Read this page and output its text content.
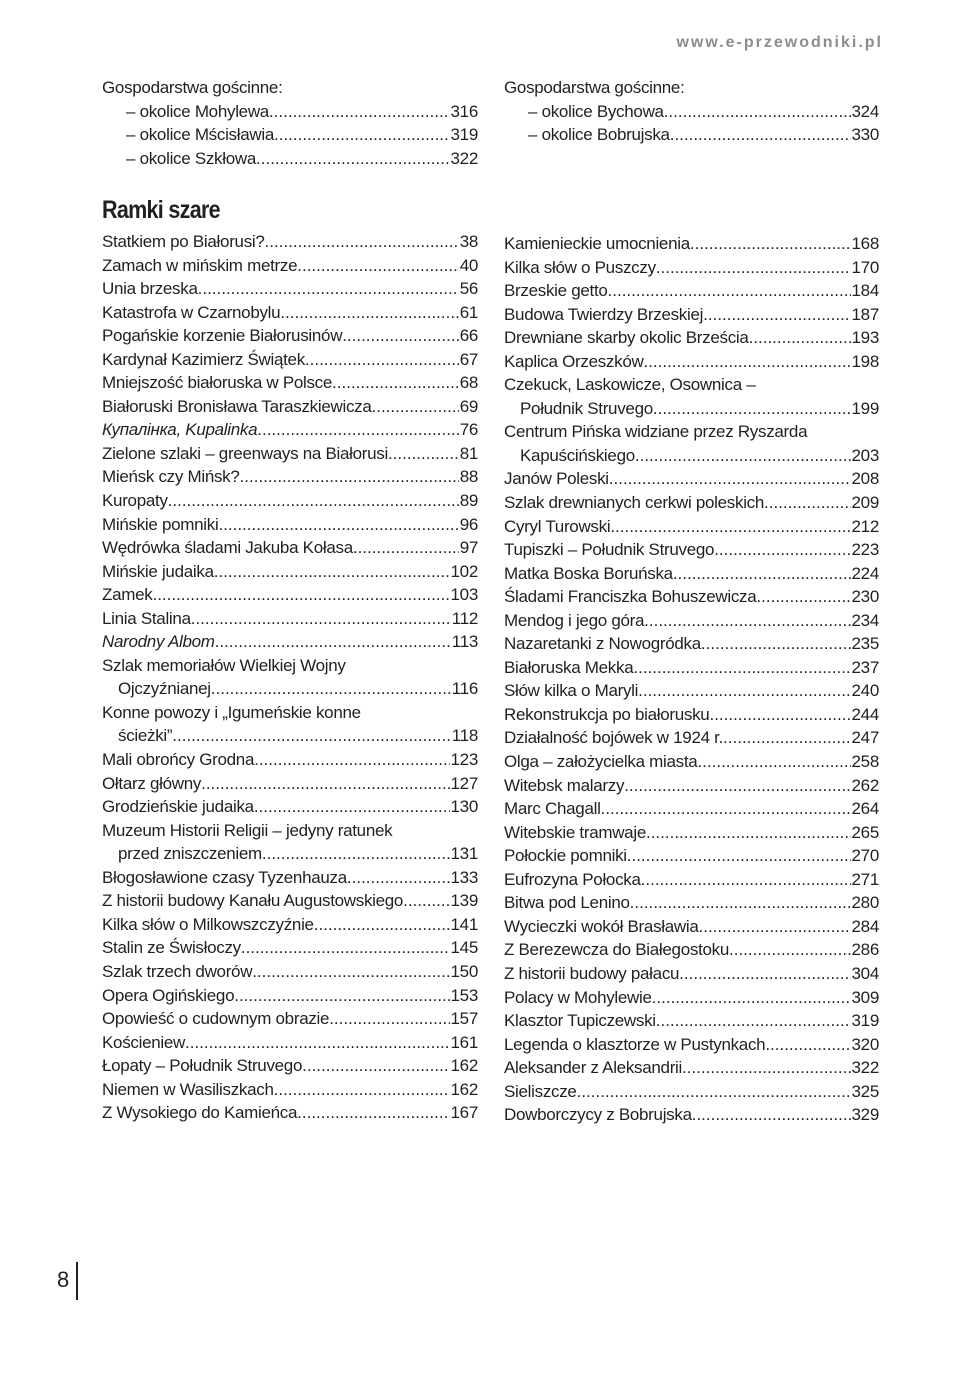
www.e-przewodniki.pl
Gospodarstwa gościnne:
– okolice Mohylewa .....	316
– okolice Mścisławia .....	319
– okolice Szkłowa .....	322
Gospodarstwa gościnne:
– okolice Bychowa .....	324
– okolice Bobrujska .....	330
Ramki szare
Statkiem po Białorusi? .....	38
Zamach w mińskim metrze .....	40
Unia brzeska .....	56
Katastrofa w Czarnobylu .....	61
Pogańskie korzenie Białorusinów .....	66
Kardynał Kazimierz Świątek .....	67
Mniejszość białoruska w Polsce .....	68
Białoruski Bronisława Taraszkiewicza .....	69
Купалiнка, Kupalinka .....	76
Zielone szlaki – greenways na Białorusi .....	81
Mieńsk czy Mińsk? .....	88
Kuropaty .....	89
Mińskie pomniki .....	96
Wędrówka śladami Jakuba Kołasa .....	97
Mińskie judaika .....	102
Zamek .....	103
Linia Stalina .....	112
Narodny Albom .....	113
Szlak memoriałów Wielkiej Wojny
Ojczyźnianej .....	116
Konne powozy i „Igumeńskie konne
ścieżki” .....	118
Mali obrońcy Grodna .....	123
Ołtarz główny .....	127
Grodzieńskie judaika .....	130
Muzeum Historii Religii – jedyny ratunek
przed zniszczeniem .....	131
Błogosławione czasy Tyzenhauza .....	133
Z historii budowy Kanału Augustowskiego .....	139
Kilka słów o Milkowszczyźnie .....	141
Stalin ze Świsłoczy .....	145
Szlak trzech dworów .....	150
Opera Ogińskiego .....	153
Opowieść o cudownym obrazie .....	157
Kościeniew .....	161
Łopaty – Południk Struvego .....	162
Niemen w Wasiliszkach .....	162
Z Wysokiego do Kamieńca .....	167
Kamienieckie umocnienia .....	168
Kilka słów o Puszczy .....	170
Brzeskie getto .....	184
Budowa Twierdzy Brzeskiej .....	187
Drewniane skarby okolic Brześcia .....	193
Kaplica Orzeszków .....	198
Czekuck, Laskowicze, Osownica –
Południk Struvego .....	199
Centrum Pińska widziane przez Ryszarda
Kapuścińskiego .....	203
Janów Poleski .....	208
Szlak drewnianych cerkwi poleskich .....	209
Cyryl Turowski .....	212
Tupiszki – Południk Struvego .....	223
Matka Boska Boruńska .....	224
Śladami Franciszka Bohuszewicza .....	230
Mendog i jego góra .....	234
Nazaretanki z Nowogródka .....	235
Białoruska Mekka .....	237
Słów kilka o Maryli .....	240
Rekonstrukcja po białorusku .....	244
Działalność bojówek w 1924 r. .....	247
Olga – założycielka miasta .....	258
Witebsk malarzy .....	262
Marc Chagall .....	264
Witebskie tramwaje .....	265
Połockie pomniki .....	270
Eufrozyna Połocka .....	271
Bitwa pod Lenino .....	280
Wycieczki wokół Brasławia .....	284
Z Berezewcza do Białegostoku .....	286
Z historii budowy pałacu .....	304
Polacy w Mohylewie .....	309
Klasztor Tupiczewski .....	319
Legenda o klasztorze w Pustynkach .....	320
Aleksander z Aleksandrii .....	322
Sieliszcze .....	325
Dowborczycy z Bobrujska .....	329
8
